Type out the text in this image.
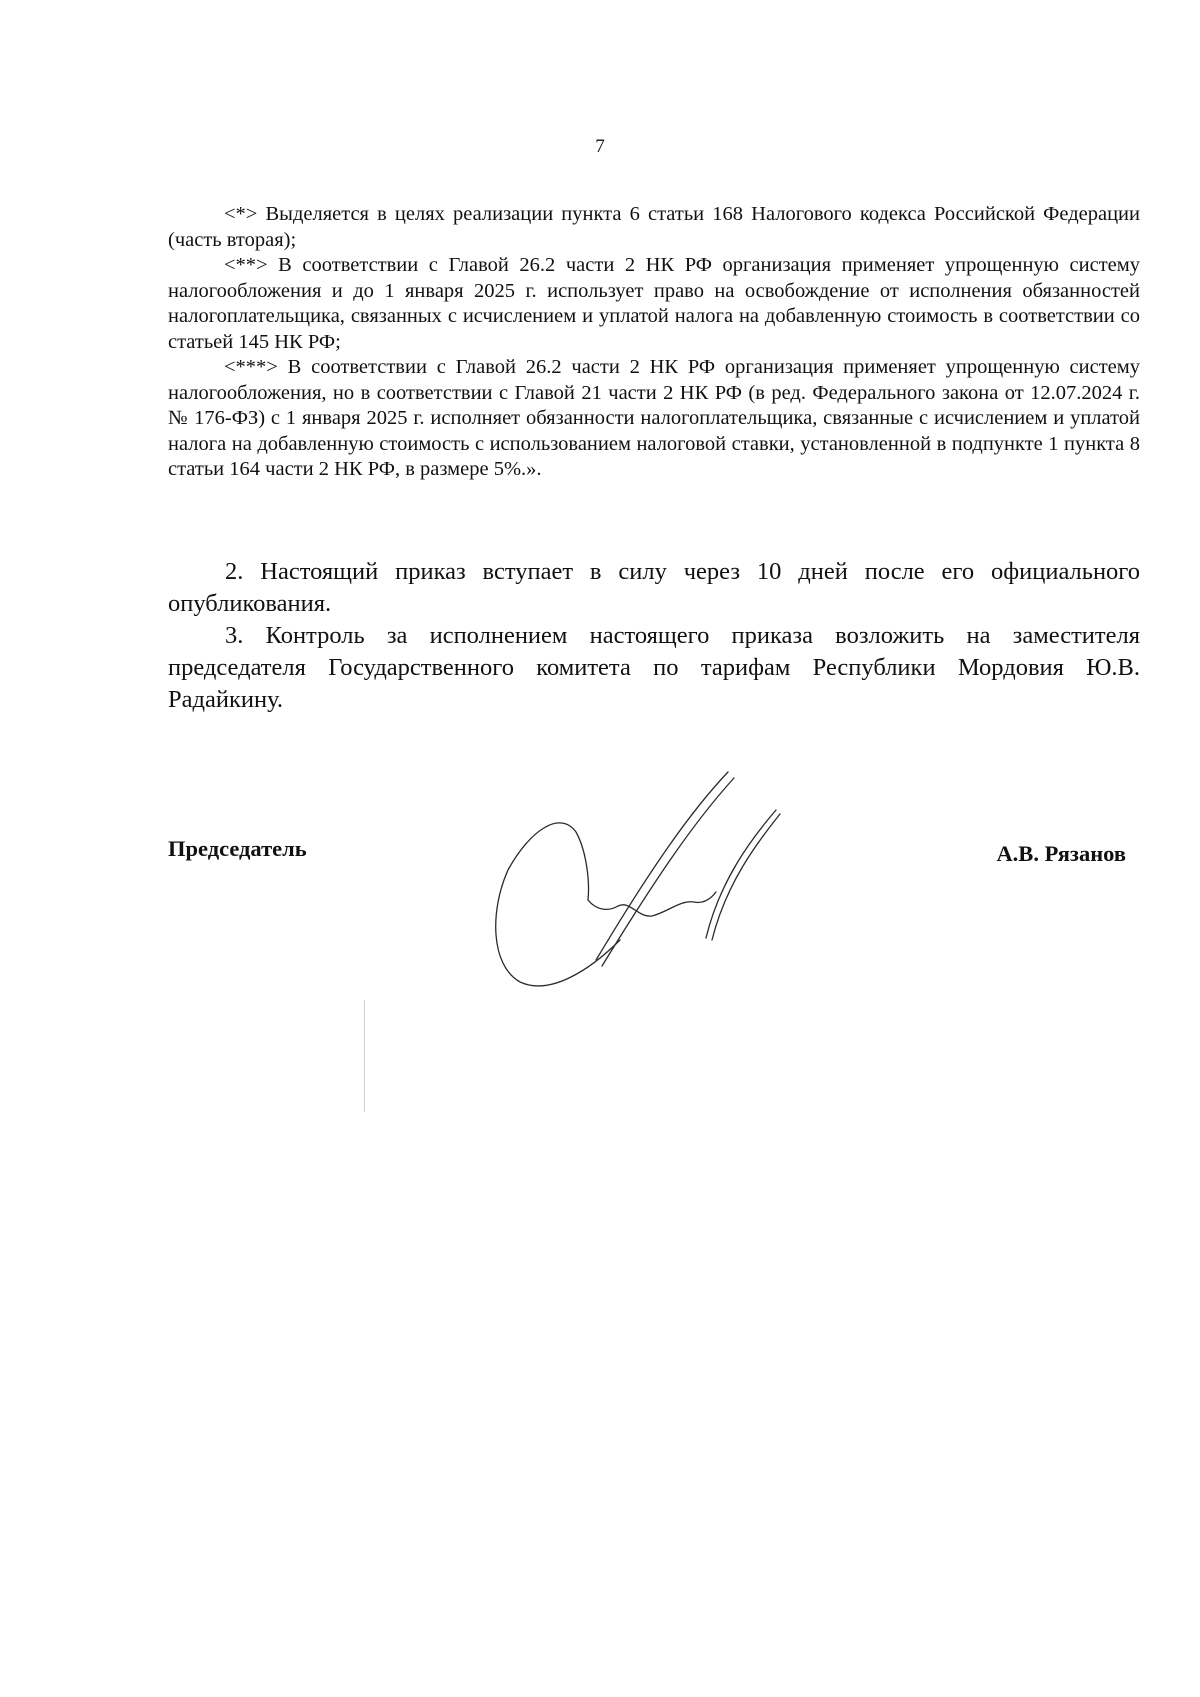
7

<*> Выделяется в целях реализации пункта 6 статьи 168 Налогового кодекса Российской Федерации (часть вторая);

<**> В соответствии с Главой 26.2 части 2 НК РФ организация применяет упрощенную систему налогообложения и до 1 января 2025 г. использует право на освобождение от исполнения обязанностей налогоплательщика, связанных с исчислением и уплатой налога на добавленную стоимость в соответствии со статьей 145 НК РФ;

<***> В соответствии с Главой 26.2 части 2 НК РФ организация применяет упрощенную систему налогообложения, но в соответствии с Главой 21 части 2 НК РФ (в ред. Федерального закона от 12.07.2024 г. № 176-ФЗ) с 1 января 2025 г. исполняет обязанности налогоплательщика, связанные с исчислением и уплатой налога на добавленную стоимость с использованием налоговой ставки, установленной в подпункте 1 пункта 8 статьи 164 части 2 НК РФ, в размере 5%.».

2. Настоящий приказ вступает в силу через 10 дней после его официального опубликования.

3. Контроль за исполнением настоящего приказа возложить на заместителя председателя Государственного комитета по тарифам Республики Мордовия Ю.В. Радайкину.

Председатель	А.В. Рязанов
